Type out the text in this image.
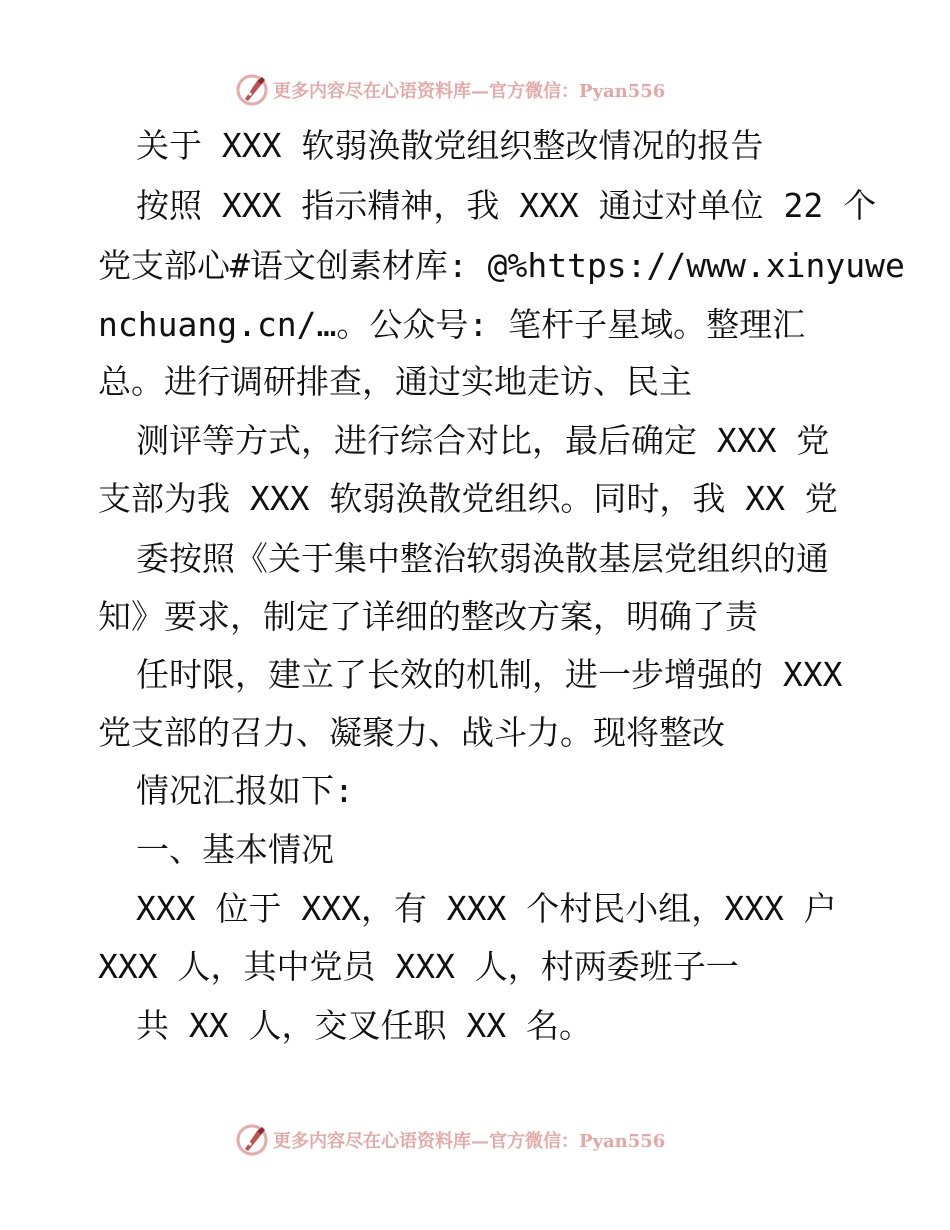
更多内容尽在心语资料库—官方微信：Pyan556
关于 XXX 软弱涣散党组织整改情况的报告
按照 XXX 指示精神，我 XXX 通过对单位 22 个
党支部心#语文创素材库: @%https://www.xinyuwe
nchuang.cn/…。公众号: 笔杆子星域。整理汇
总。进行调研排查，通过实地走访、民主
测评等方式，进行综合对比，最后确定 XXX 党
支部为我 XXX 软弱涣散党组织。同时，我 XX 党
委按照《关于集中整治软弱涣散基层党组织的通
知》要求，制定了详细的整改方案，明确了责
任时限，建立了长效的机制，进一步增强的 XXX
党支部的召力、凝聚力、战斗力。现将整改
情况汇报如下:
一、基本情况
XXX 位于 XXX，有 XXX 个村民小组，XXX 户
XXX 人，其中党员 XXX 人，村两委班子一
共 XX 人，交叉任职 XX 名。
更多内容尽在心语资料库—官方微信：Pyan556
